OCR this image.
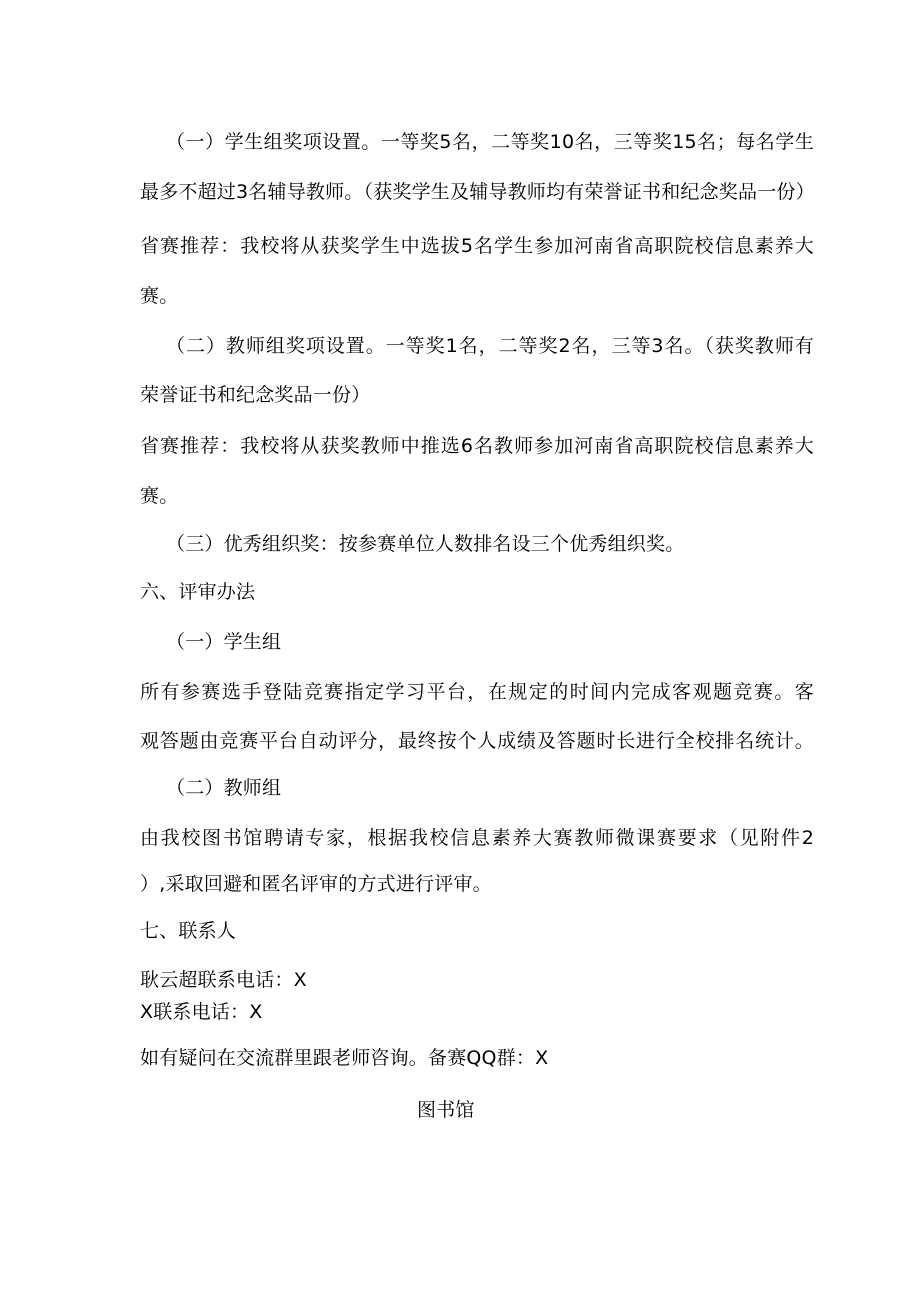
（一）学生组奖项设置。一等奖5名，二等奖10名，三等奖15名；每名学生
最多不超过3名辅导教师。（获奖学生及辅导教师均有荣誉证书和纪念奖品一份）
省赛推荐：我校将从获奖学生中选拔5名学生参加河南省高职院校信息素养大
赛。
（二）教师组奖项设置。一等奖1名，二等奖2名，三等3名。（获奖教师有
荣誉证书和纪念奖品一份）
省赛推荐：我校将从获奖教师中推选6名教师参加河南省高职院校信息素养大
赛。
（三）优秀组织奖：按参赛单位人数排名设三个优秀组织奖。
六、评审办法
（一）学生组
所有参赛选手登陆竞赛指定学习平台，在规定的时间内完成客观题竞赛。客
观答题由竞赛平台自动评分，最终按个人成绩及答题时长进行全校排名统计。
（二）教师组
由我校图书馆聘请专家，根据我校信息素养大赛教师微课赛要求（见附件2
）,采取回避和匿名评审的方式进行评审。
七、联系人
耿云超联系电话：X
X联系电话：X
如有疑问在交流群里跟老师咨询。备赛QQ群：X
图书馆
